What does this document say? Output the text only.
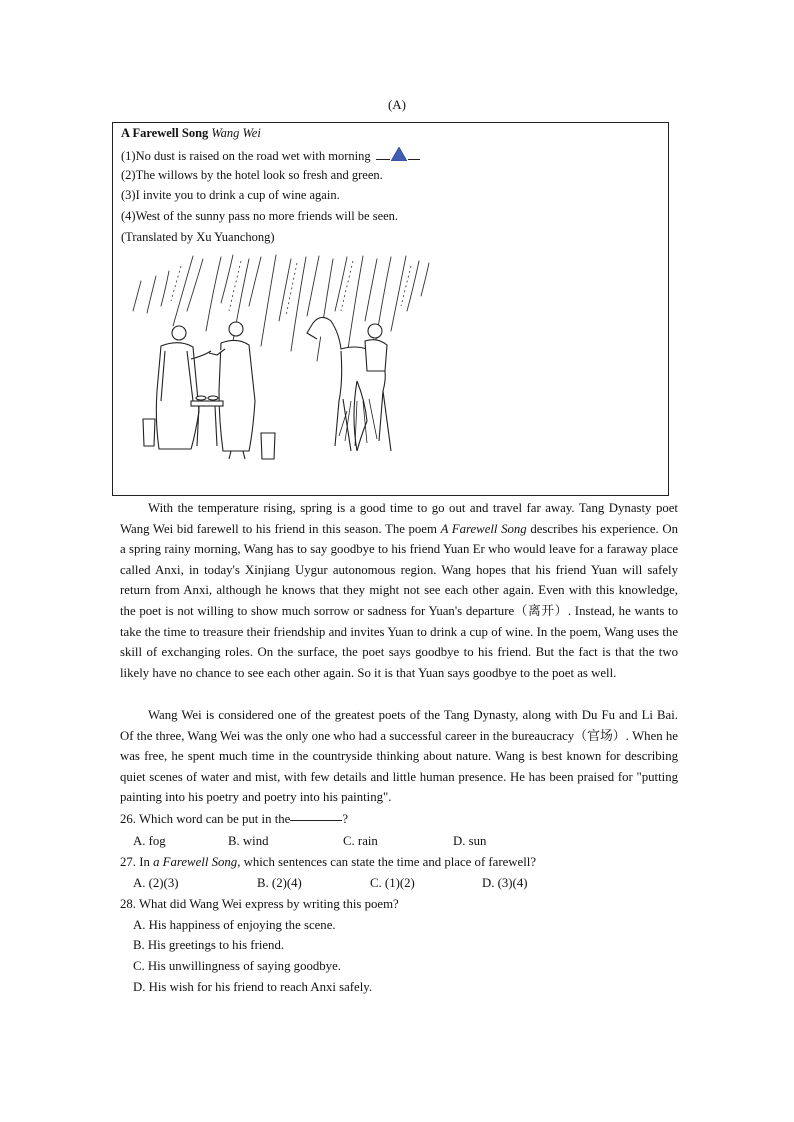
(A)
A Farewell Song Wang Wei
(1)No dust is raised on the road wet with morning
(2)The willows by the hotel look so fresh and green.
(3)I invite you to drink a cup of wine again.
(4)West of the sunny pass no more friends will be seen.
(Translated by Xu Yuanchong)

With the temperature rising, spring is a good time to go out and travel far away. Tang Dynasty poet Wang Wei bid farewell to his friend in this season. The poem A Farewell Song describes his experience. On a spring rainy morning, Wang has to say goodbye to his friend Yuan Er who would leave for a faraway place called Anxi, in today's Xinjiang Uygur autonomous region. Wang hopes that his friend Yuan will safely return from Anxi, although he knows that they might not see each other again. Even with this knowledge, the poet is not willing to show much sorrow or sadness for Yuan's departure（离开）. Instead, he wants to take the time to treasure their friendship and invites Yuan to drink a cup of wine. In the poem, Wang uses the skill of exchanging roles. On the surface, the poet says goodbye to his friend. But the fact is that the two likely have no chance to see each other again. So it is that Yuan says goodbye to the poet as well.

Wang Wei is considered one of the greatest poets of the Tang Dynasty, along with Du Fu and Li Bai. Of the three, Wang Wei was the only one who had a successful career in the bureaucracy（官场）. When he was free, he spent much time in the countryside thinking about nature. Wang is best known for describing quiet scenes of water and mist, with few details and little human presence. He has been praised for "putting painting into his poetry and poetry into his painting".

26. Which word can be put in the	?
A. fog	B. wind	C. rain	D. sun
27. In a Farewell Song, which sentences can state the time and place of farewell?
A. (2)(3)	B. (2)(4)	C. (1)(2)	D. (3)(4)
28. What did Wang Wei express by writing this poem?
A. His happiness of enjoying the scene.
B. His greetings to his friend.
C. His unwillingness of saying goodbye.
D. His wish for his friend to reach Anxi safely.
